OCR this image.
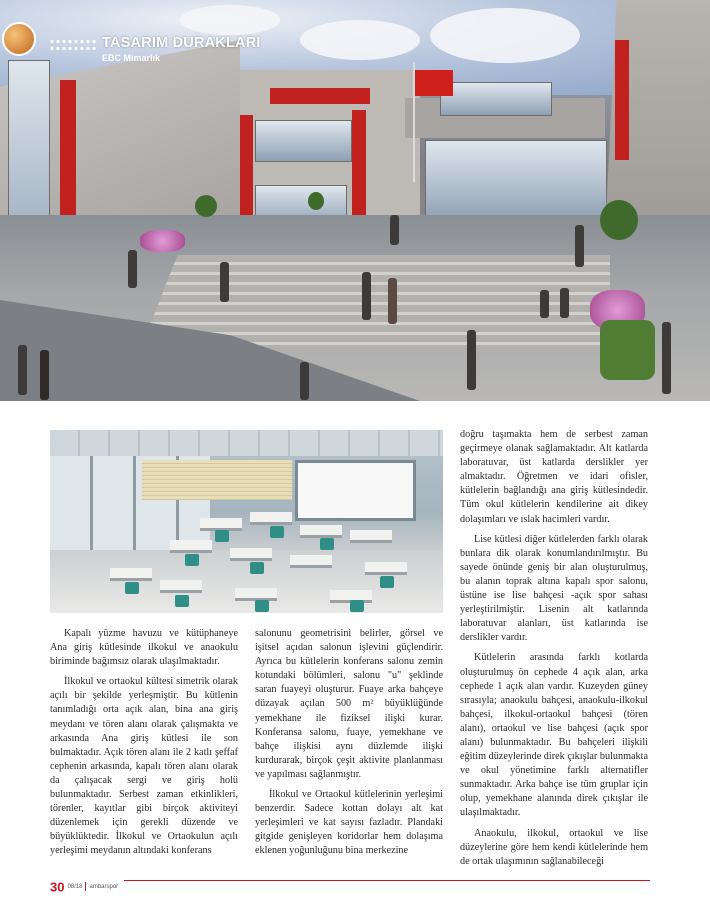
TASARIM DURAKLARI
EBC Mimarlık

Kapalı yüzme havuzu ve kütüphaneye Ana giriş kütlesinde ilkokul ve anaokulu biriminde bağımsız olarak ulaşılmaktadır.

İlkokul ve ortaokul kültesi simetrik olarak açılı bir şekilde yerleşmiştir. Bu kütlenin tanımladığı orta açık alan, bina ana giriş meydanı ve tören alanı olarak çalışmakta ve arkasında Ana giriş kütlesi ile son bulmaktadır. Açık tören alanı ile 2 katlı şeffaf cephenin arkasında, kapalı tören alanı olarak da çalışacak sergi ve giriş holü bulunmaktadır. Serbest zaman etkinlikleri, törenler, kayıtlar gibi birçok aktiviteyi düzenlemek için gerekli düzende ve büyüklüktedir. İlkokul ve Ortaokulun açılı yerleşimi meydanın altındaki konferans

salonunu geometrisini belirler, görsel ve işitsel açıdan salonun işlevini güçlendirir. Ayrıca bu kütlelerin konferans salonu zemin kotundaki bölümleri, salonu "u" şeklinde saran fuayeyi oluşturur. Fuaye arka bahçeye düzayak açılan 500 m² büyüklüğünde yemekhane ile fiziksel ilişki kurar. Konferansa salonu, fuaye, yemekhane ve bahçe ilişkisi aynı düzlemde ilişki kurdurarak, birçok çeşit aktivite planlanması ve yapılması sağlanmıştır.

İlkokul ve Ortaokul kütlelerinin yerleşimi benzerdir. Sadece kottan dolayı alt kat yerleşimleri ve kat sayısı fazladır. Plandaki gitgide genişleyen koridorlar hem dolaşıma eklenen yoğunluğunu bina merkezine

doğru taşımakta hem de serbest zaman geçirmeye olanak sağlamaktadır. Alt katlarda laboratuvar, üst katlarda derslikler yer almaktadır. Öğretmen ve idari ofisler, kütlelerin bağlandığı ana giriş kütlesindedir. Tüm okul kütlelerin kendilerine ait dikey dolaşımları ve ıslak hacimleri vardır.

Lise kütlesi diğer kütlelerden farklı olarak bunlara dik olarak konumlandırılmıştır. Bu sayede önünde geniş bir alan oluşturulmuş, bu alanın toprak altına kapalı spor salonu, üstüne ise lise bahçesi -açık spor sahası yerleştirilmiştir. Lisenin alt katlarında laboratuvar alanları, üst katlarında ise derslikler vardır.

Kütlelerin arasında farklı kotlarda oluşturulmuş ön cephede 4 açık alan, arka cephede 1 açık alan vardır. Kuzeyden güney sırasıyla; anaokulu bahçesi, anaokulu-ilkokul bahçesi, ilkokul-ortaokul bahçesi (tören alanı), ortaokul ve lise bahçesi (açık spor alanı) bulunmaktadır. Bu bahçeleri ilişkili eğitim düzeylerinde direk çıkışlar bulunmakta ve okul yönetimine farklı alternatifler sunmaktadır. Arka bahçe ise tüm gruplar için olup, yemekhane alanında direk çıkışlar ile ulaşılmaktadır.

Anaokulu, ilkokul, ortaokul ve lise düzeylerine göre hem kendi kütlelerinde hem de ortak ulaşımının sağlanabileceği

30 08/18 ambarspor
